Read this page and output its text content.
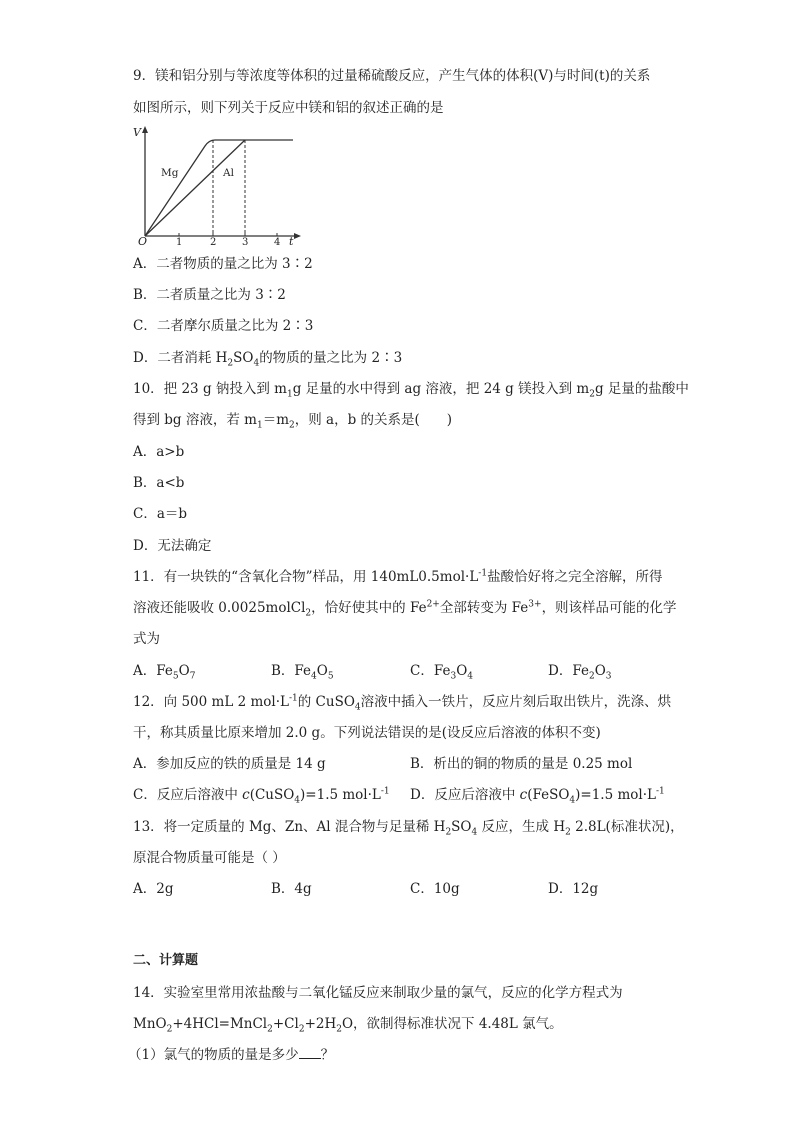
9．镁和铝分别与等浓度等体积的过量稀硫酸反应，产生气体的体积(V)与时间(t)的关系
如图所示，则下列关于反应中镁和铝的叙述正确的是
V
t
O	1	2	3	4
Mg	Al
A．二者物质的量之比为 3∶2
B．二者质量之比为 3∶2
C．二者摩尔质量之比为 2∶3
D．二者消耗 $H_2SO_4$的物质的量之比为 2∶3
10．把 23 g 钠投入到 $m_1g$ 足量的水中得到 ag 溶液，把 24 g 镁投入到 $m_2g$ 足量的盐酸中
得到 bg 溶液，若 $m_1=m_2$，则 a，b 的关系是(　　)
A．a>b
B．a<b
C．a＝b
D．无法确定
11．有一块铁的“含氧化合物”样品，用 $140mL0.5mol\cdot L^{-1}$盐酸恰好将之完全溶解，所得
溶液还能吸收 0.0025molCl$_2$，恰好使其中的 $Fe^{2+}$全部转变为 $Fe^{3+}$，则该样品可能的化学
式为
A．$Fe_5O_7$	B．$Fe_4O_5$	C．$Fe_3O_4$	D．$Fe_2O_3$
12．向 500 mL 2 $mol\cdot L^{-1}$的 CuSO$_4$溶液中插入一铁片，反应片刻后取出铁片，洗涤、烘
干，称其质量比原来增加 2.0 g。下列说法错误的是(设反应后溶液的体积不变)
A．参加反应的铁的质量是 14 g	B．析出的铜的物质的量是 0.25 mol
C．反应后溶液中 c(CuSO$_4$)=1.5 $mol\cdot L^{-1}$ D．反应后溶液中 c(FeSO$_4$)=1.5 $mol\cdot L^{-1}$
13．将一定质量的 Mg、Zn、Al 混合物与足量稀 $H_2SO_4$ 反应，生成 $H_2$ 2.8L(标准状况)，
原混合物质量可能是（ ）
A．2g	B．4g	C．10g	D．12g
二、计算题
14．实验室里常用浓盐酸与二氧化锰反应来制取少量的氯气，反应的化学方程式为
$MnO_2+4HCl=MnCl_2+Cl_2+2H_2O$，欲制得标准状况下 4.48L 氯气。
（1）氯气的物质的量是多少 ？
